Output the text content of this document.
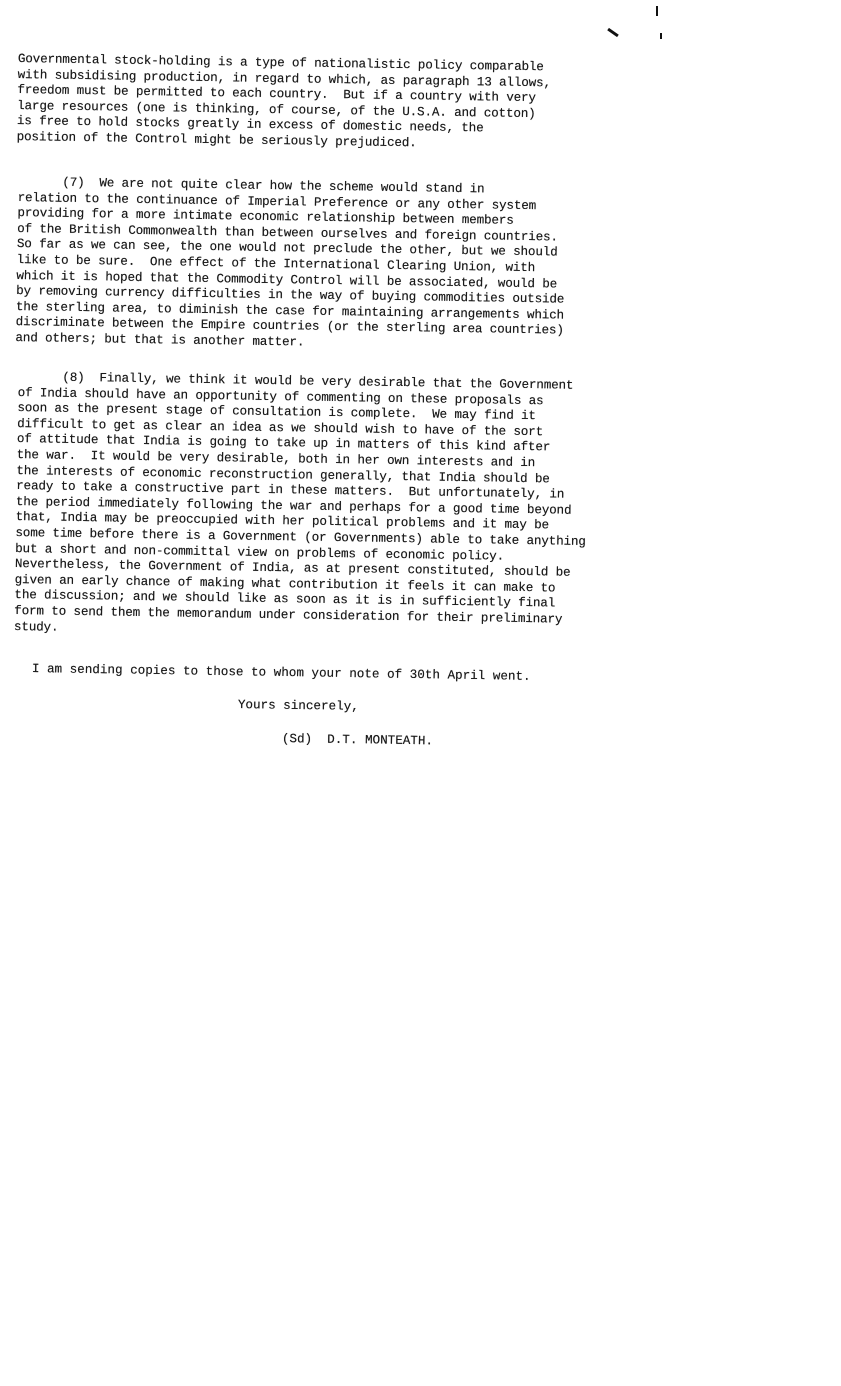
Governmental stock-holding is a type of nationalistic policy comparable
with subsidising production, in regard to which, as paragraph 13 allows,
freedom must be permitted to each country.  But if a country with very
large resources (one is thinking, of course, of the U.S.A. and cotton)
is free to hold stocks greatly in excess of domestic needs, the
position of the Control might be seriously prejudiced.
(7)  We are not quite clear how the scheme would stand in
relation to the continuance of Imperial Preference or any other system
providing for a more intimate economic relationship between members
of the British Commonwealth than between ourselves and foreign countries.
So far as we can see, the one would not preclude the other, but we should
like to be sure.  One effect of the International Clearing Union, with
which it is hoped that the Commodity Control will be associated, would be
by removing currency difficulties in the way of buying commodities outside
the sterling area, to diminish the case for maintaining arrangements which
discriminate between the Empire countries (or the sterling area countries)
and others; but that is another matter.
(8)  Finally, we think it would be very desirable that the Government
of India should have an opportunity of commenting on these proposals as
soon as the present stage of consultation is complete.  We may find it
difficult to get as clear an idea as we should wish to have of the sort
of attitude that India is going to take up in matters of this kind after
the war.  It would be very desirable, both in her own interests and in
the interests of economic reconstruction generally, that India should be
ready to take a constructive part in these matters.  But unfortunately, in
the period immediately following the war and perhaps for a good time beyond
that, India may be preoccupied with her political problems and it may be
some time before there is a Government (or Governments) able to take anything
but a short and non-committal view on problems of economic policy.
Nevertheless, the Government of India, as at present constituted, should be
given an early chance of making what contribution it feels it can make to
the discussion; and we should like as soon as it is in sufficiently final
form to send them the memorandum under consideration for their preliminary
study.
I am sending copies to those to whom your note of 30th April went.
Yours sincerely,
(Sd)  D.T. MONTEATH.
